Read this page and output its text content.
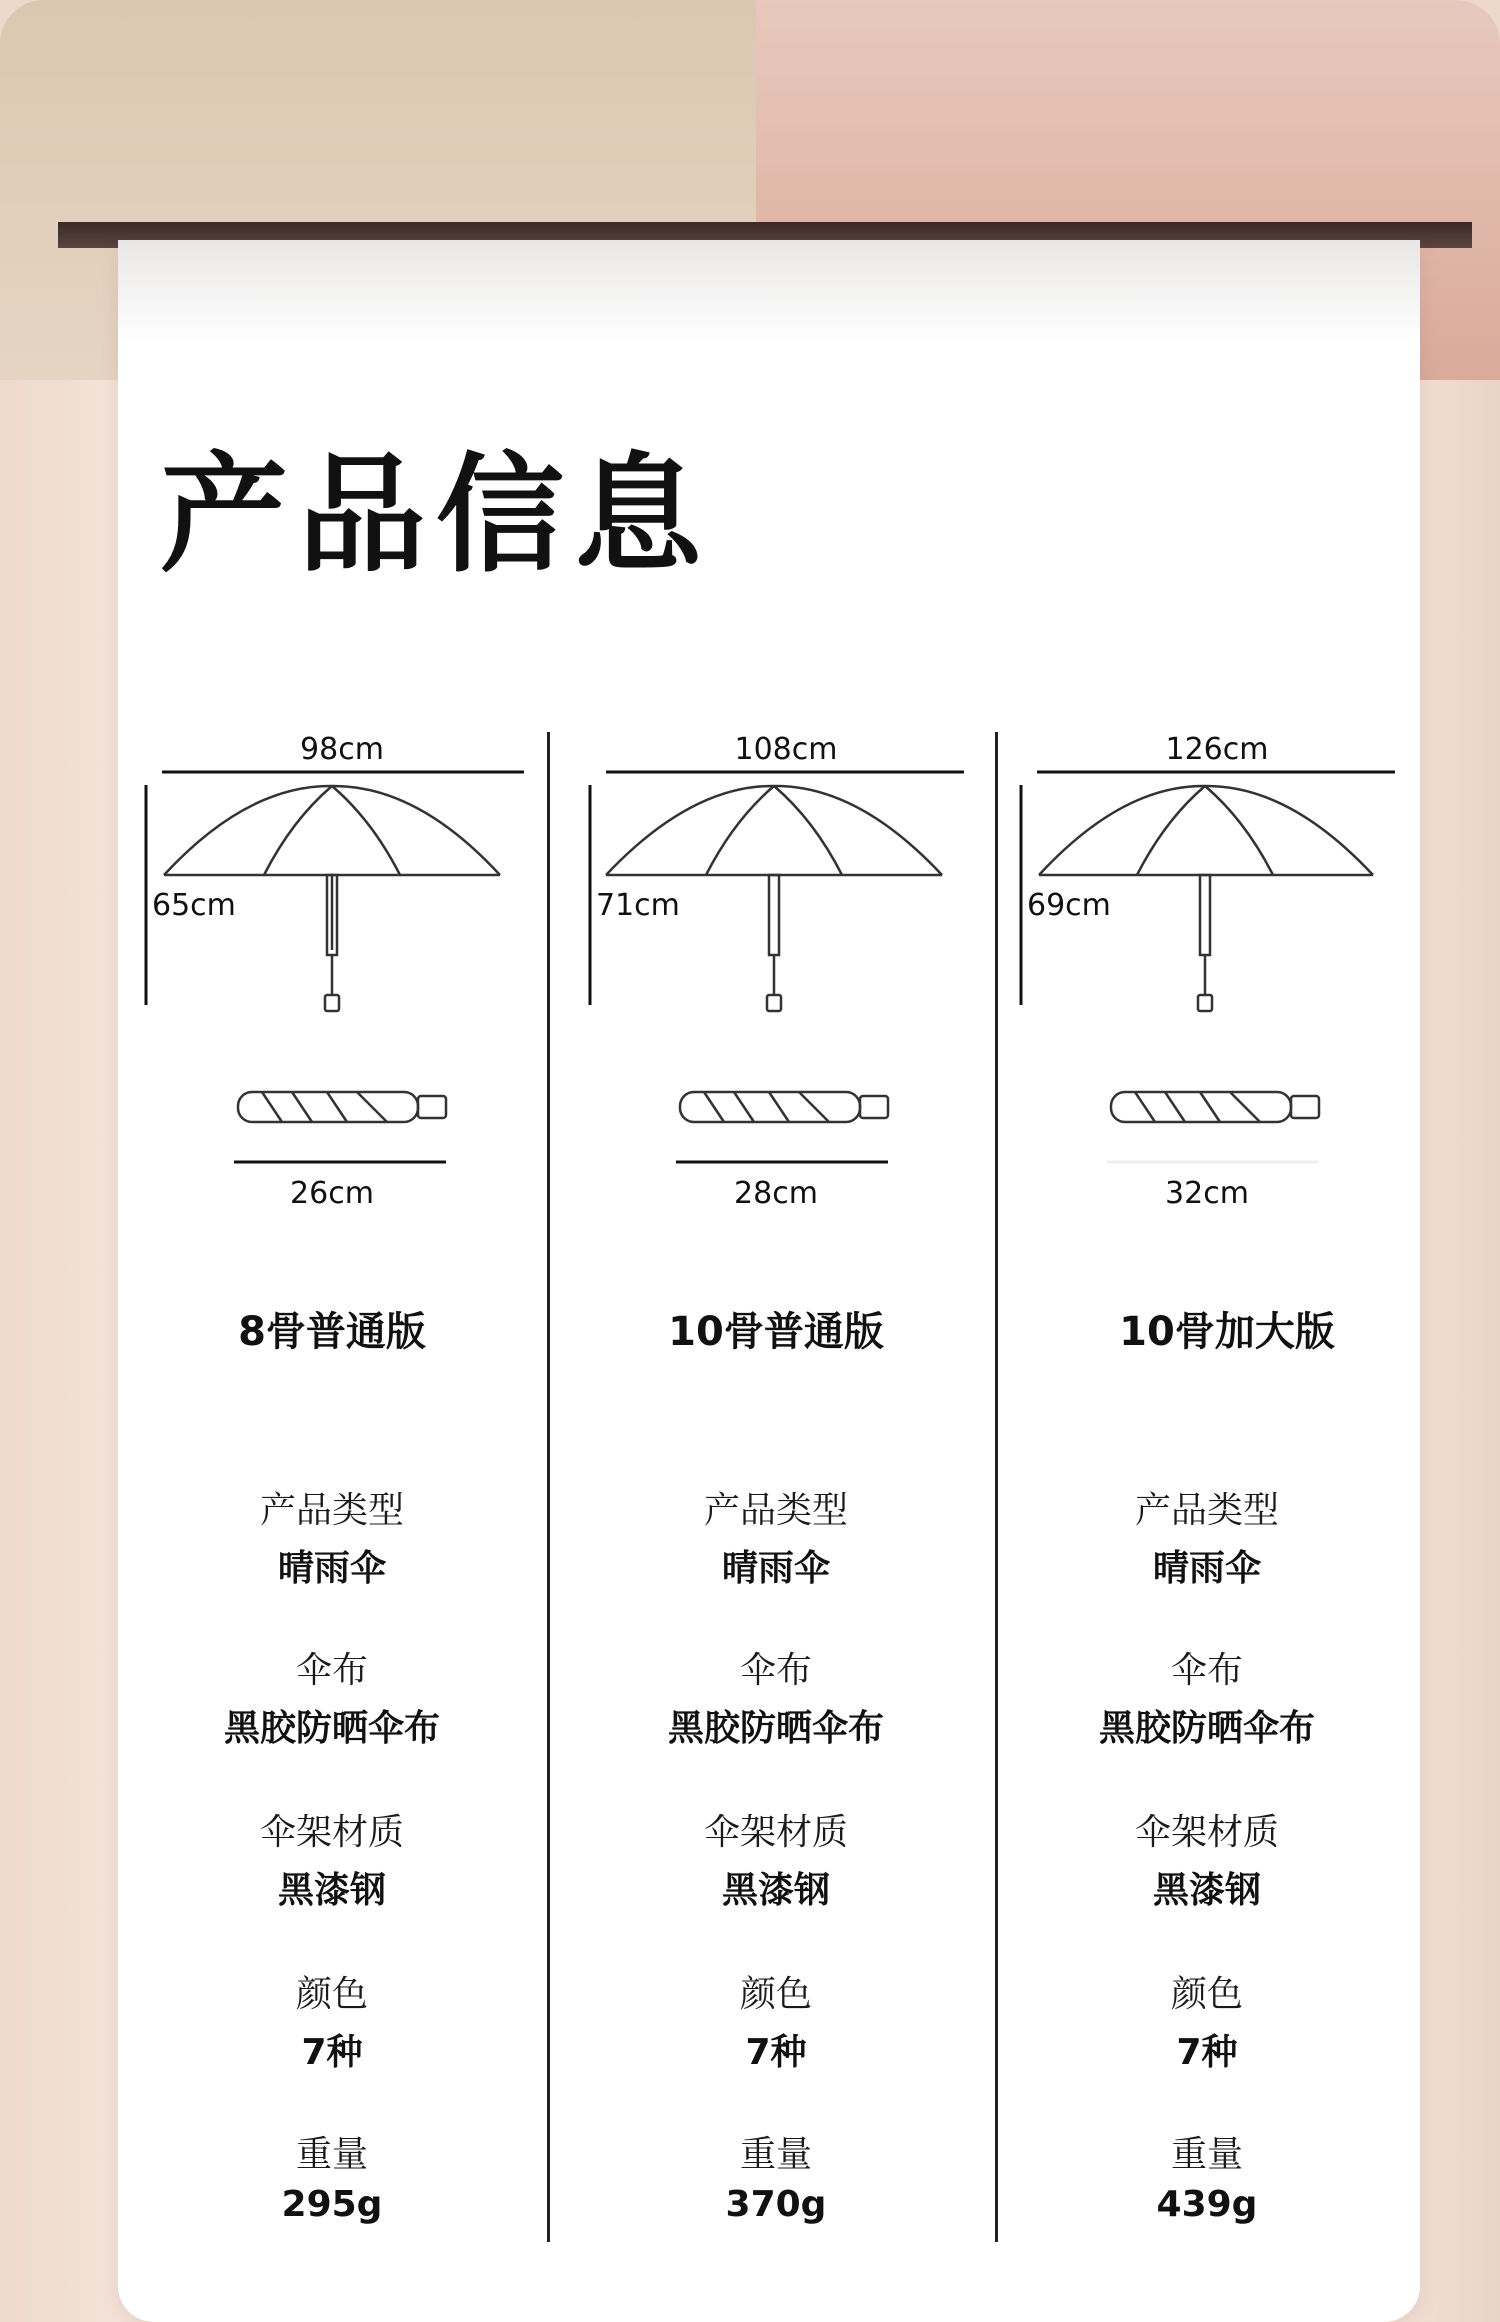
产品信息
98cm
65cm
26cm
8骨普通版
产品类型
晴雨伞
伞布
黑胶防晒伞布
伞架材质
黑漆钢
颜色
7种
重量
295g
108cm
71cm
28cm
10骨普通版
产品类型
晴雨伞
伞布
黑胶防晒伞布
伞架材质
黑漆钢
颜色
7种
重量
370g
126cm
69cm
32cm
10骨加大版
产品类型
晴雨伞
伞布
黑胶防晒伞布
伞架材质
黑漆钢
颜色
7种
重量
439g
